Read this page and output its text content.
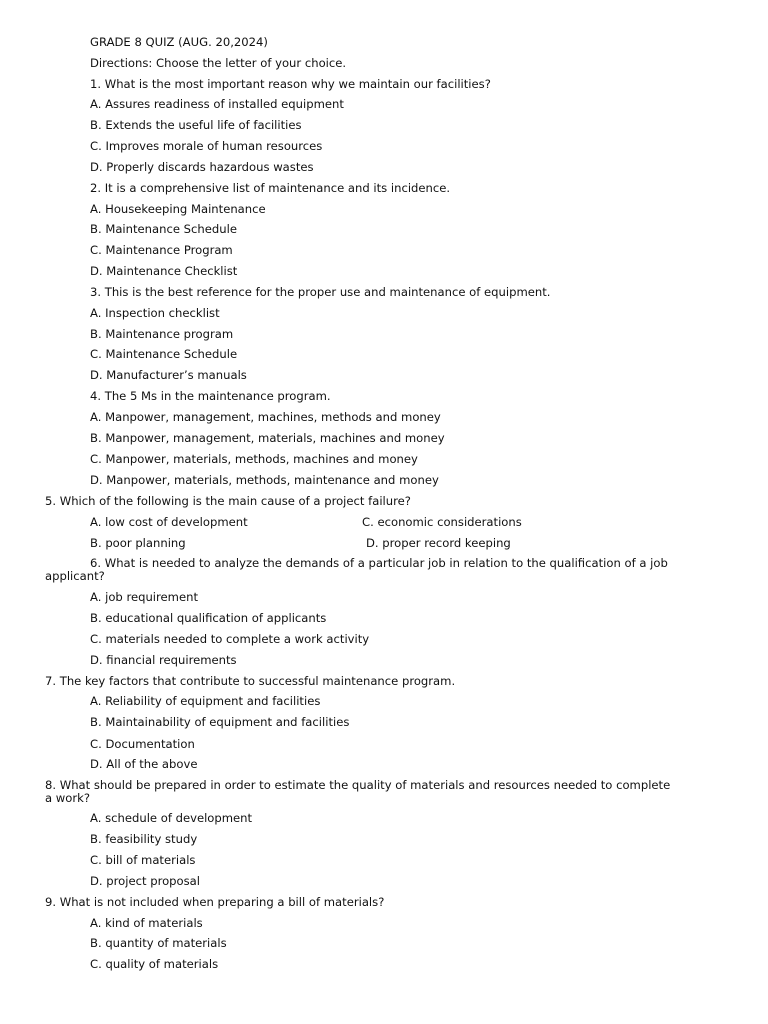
GRADE 8 QUIZ (AUG. 20,2024)
Directions: Choose the letter of your choice.
1. What is the most important reason why we maintain our facilities?
A. Assures readiness of installed equipment
B. Extends the useful life of facilities
C. Improves morale of human resources
D. Properly discards hazardous wastes
2. It is a comprehensive list of maintenance and its incidence.
A. Housekeeping Maintenance
B. Maintenance Schedule
C. Maintenance Program
D. Maintenance Checklist
3. This is the best reference for the proper use and maintenance of equipment.
A. Inspection checklist
B. Maintenance program
C. Maintenance Schedule
D. Manufacturer’s manuals
4. The 5 Ms in the maintenance program.
A. Manpower, management, machines, methods and money
B. Manpower, management, materials, machines and money
C. Manpower, materials, methods, machines and money
D. Manpower, materials, methods, maintenance and money
5. Which of the following is the main cause of a project failure?
A. low cost of development	C. economic considerations
B. poor planning	D. proper record keeping
6. What is needed to analyze the demands of a particular job in relation to the qualification of a job applicant?
A. job requirement
B. educational qualification of applicants
C. materials needed to complete a work activity
D. financial requirements
7. The key factors that contribute to successful maintenance program.
A. Reliability of equipment and facilities
B. Maintainability of equipment and facilities
C. Documentation
D. All of the above
8. What should be prepared in order to estimate the quality of materials and resources needed to complete a work?
A. schedule of development
B. feasibility study
C. bill of materials
D. project proposal
9. What is not included when preparing a bill of materials?
A. kind of materials
B. quantity of materials
C. quality of materials
